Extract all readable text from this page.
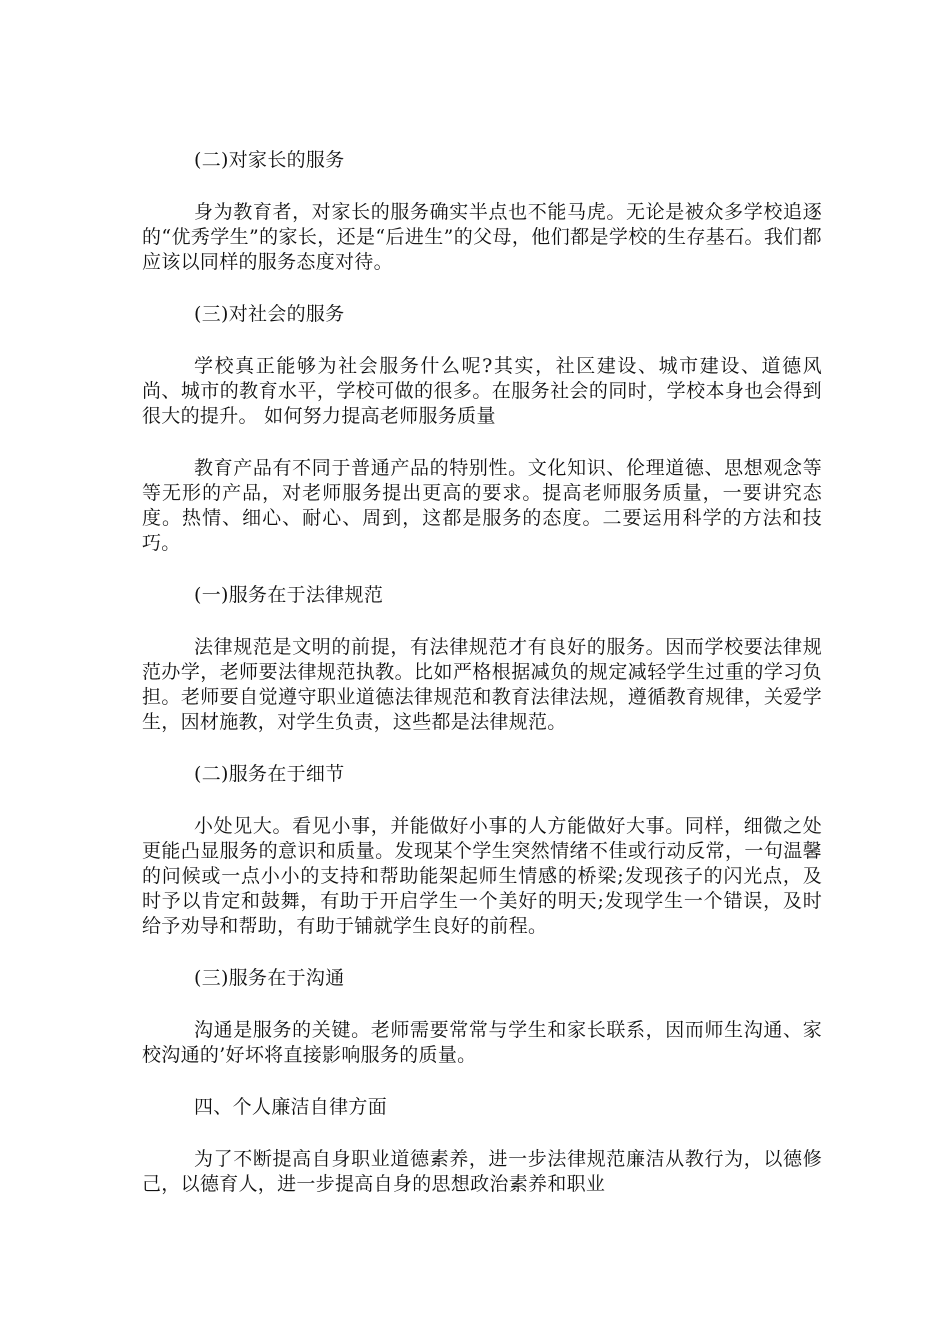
(二)对家长的服务

身为教育者，对家长的服务确实半点也不能马虎。无论是被众多学校追逐的“优秀学生”的家长，还是“后进生”的父母，他们都是学校的生存基石。我们都应该以同样的服务态度对待。

(三)对社会的服务

学校真正能够为社会服务什么呢?其实，社区建设、城市建设、道德风尚、城市的教育水平，学校可做的很多。在服务社会的同时，学校本身也会得到很大的提升。 如何努力提高老师服务质量

教育产品有不同于普通产品的特别性。文化知识、伦理道德、思想观念等等无形的产品，对老师服务提出更高的要求。提高老师服务质量，一要讲究态度。热情、细心、耐心、周到，这都是服务的态度。二要运用科学的方法和技巧。

(一)服务在于法律规范

法律规范是文明的前提，有法律规范才有良好的服务。因而学校要法律规范办学，老师要法律规范执教。比如严格根据减负的规定减轻学生过重的学习负担。老师要自觉遵守职业道德法律规范和教育法律法规，遵循教育规律，关爱学生，因材施教，对学生负责，这些都是法律规范。

(二)服务在于细节

小处见大。看见小事，并能做好小事的人方能做好大事。同样，细微之处更能凸显服务的意识和质量。发现某个学生突然情绪不佳或行动反常，一句温馨的问候或一点小小的支持和帮助能架起师生情感的桥梁;发现孩子的闪光点，及时予以肯定和鼓舞，有助于开启学生一个美好的明天;发现学生一个错误，及时给予劝导和帮助，有助于铺就学生良好的前程。

(三)服务在于沟通

沟通是服务的关键。老师需要常常与学生和家长联系，因而师生沟通、家校沟通的’好坏将直接影响服务的质量。

四、个人廉洁自律方面

为了不断提高自身职业道德素养，进一步法律规范廉洁从教行为，以德修己，以德育人，进一步提高自身的思想政治素养和职业
